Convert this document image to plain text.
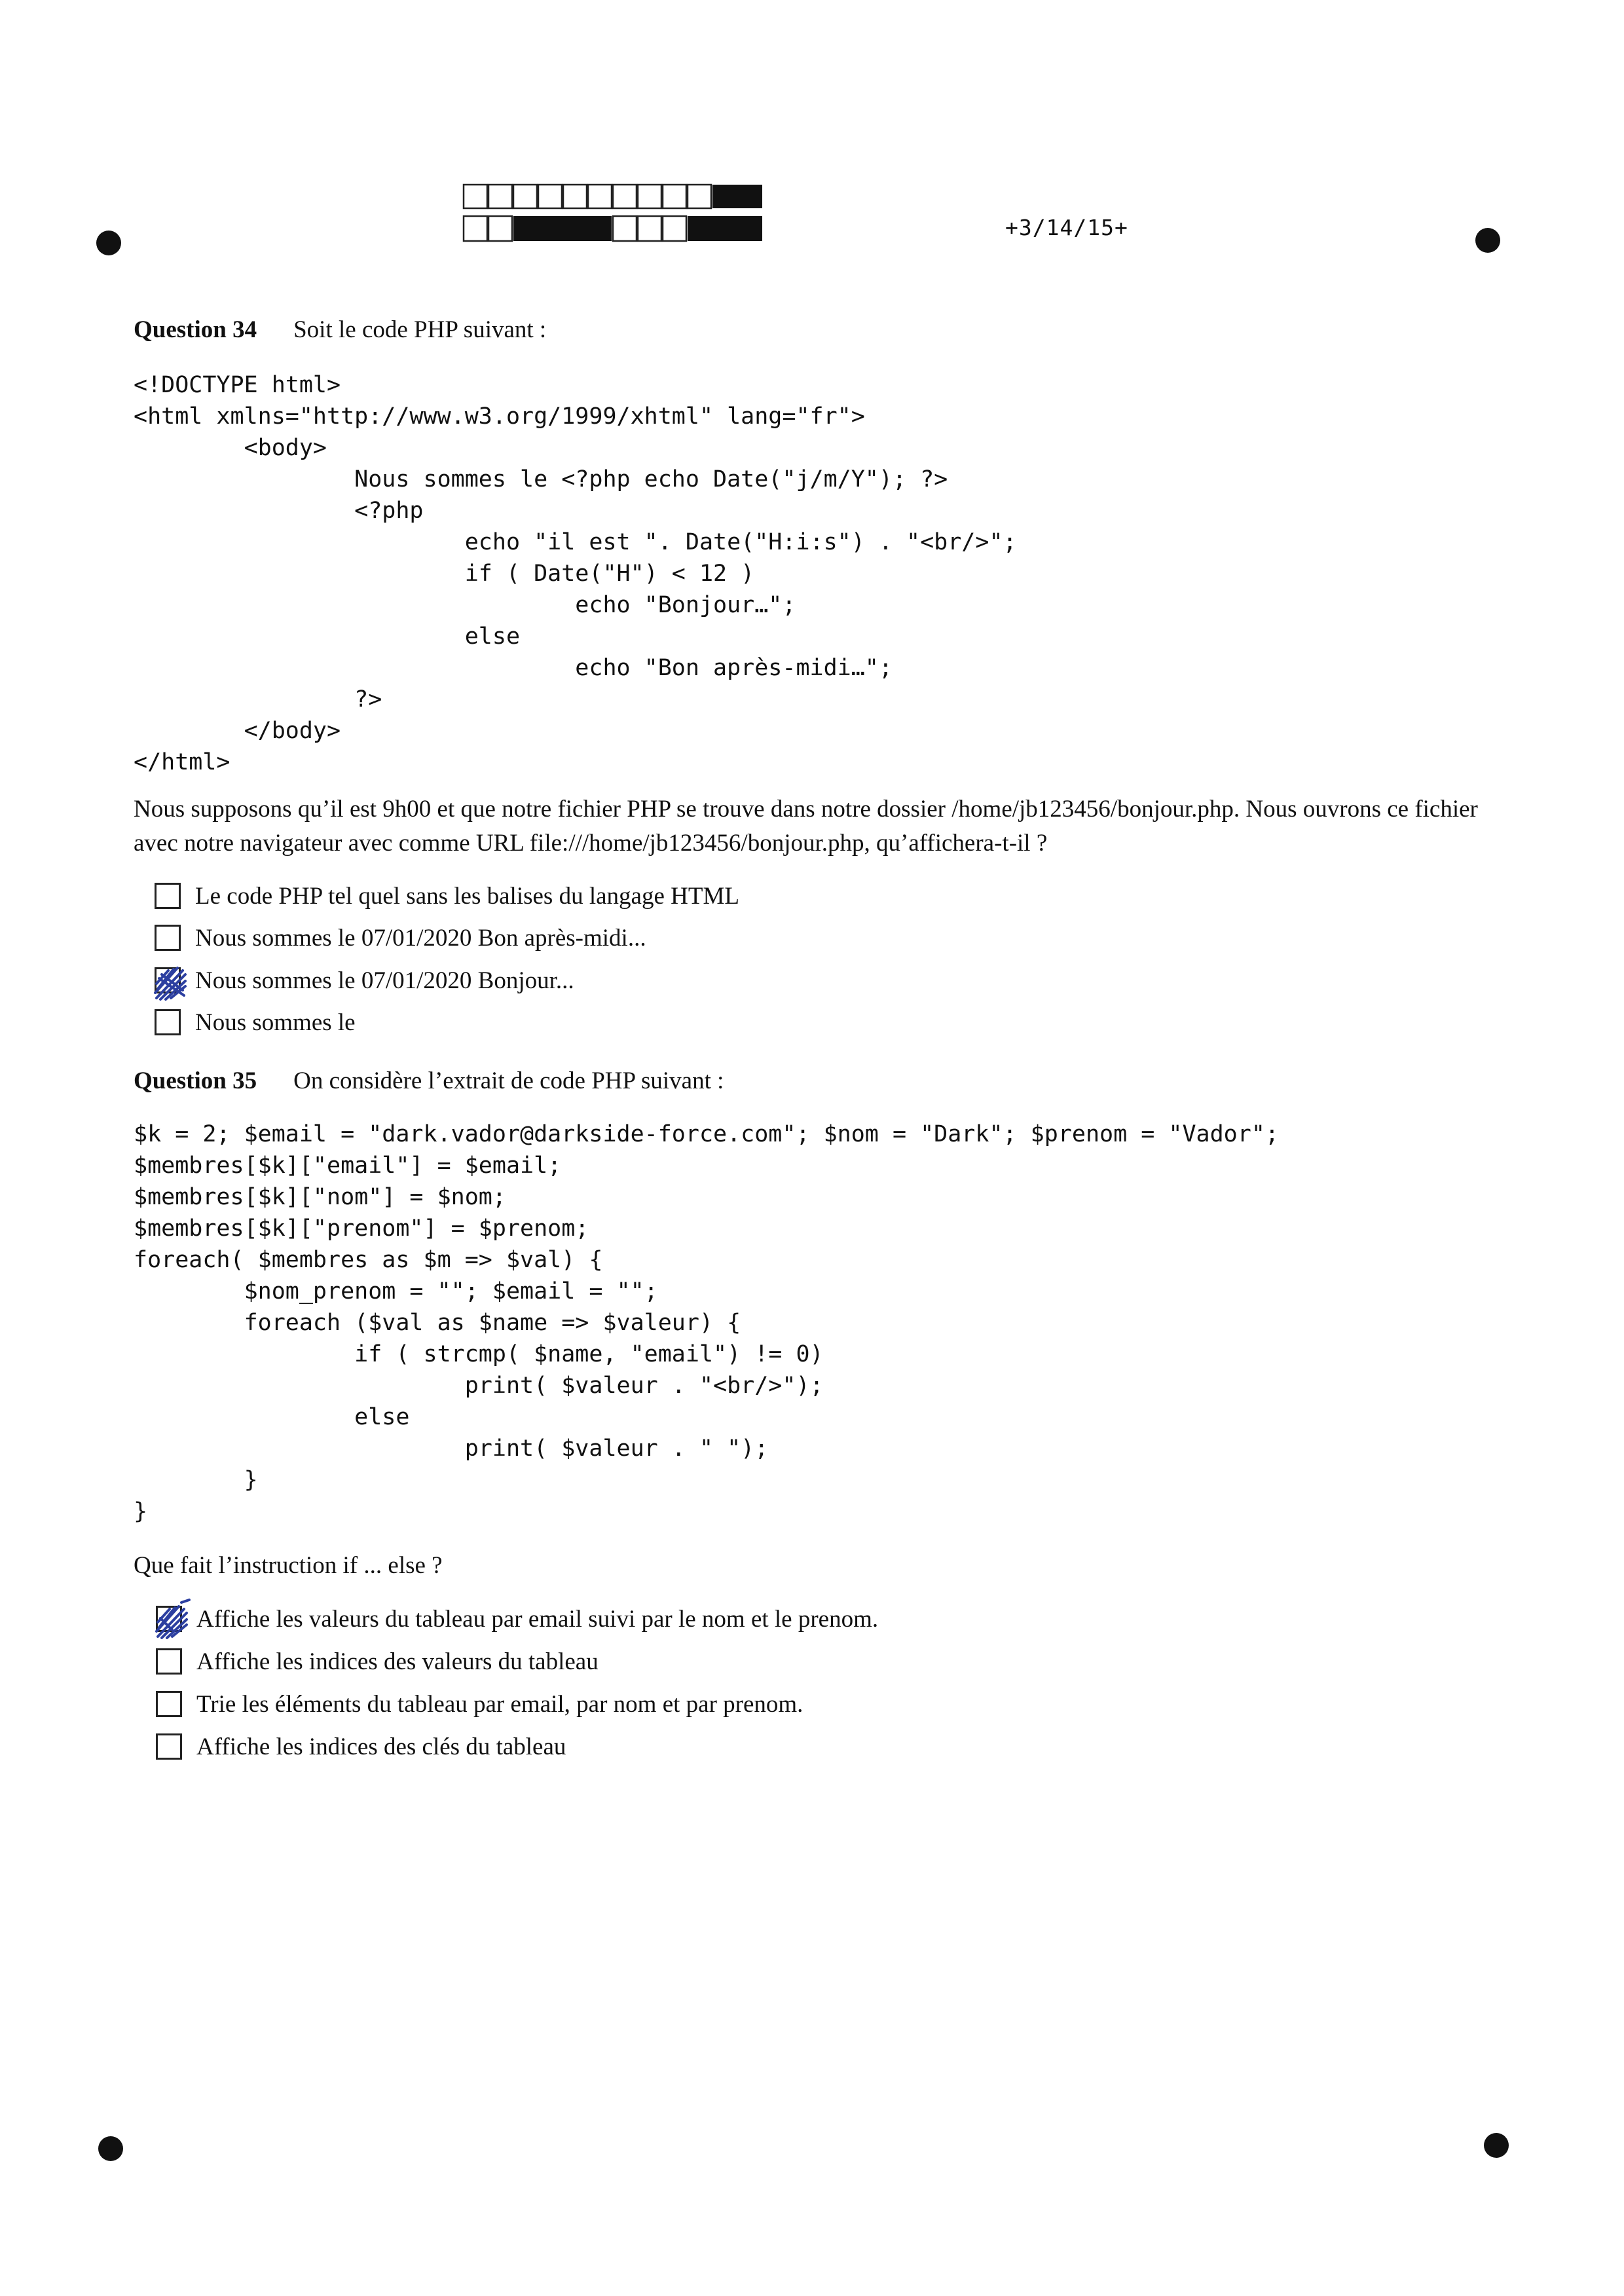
+3/14/15+
Question 34 Soit le code PHP suivant :
<!DOCTYPE html>
<html xmlns="http://www.w3.org/1999/xhtml" lang="fr">
<body>
Nous sommes le <?php echo Date("j/m/Y"); ?>
<?php
echo "il est ". Date("H:i:s") . "<br/>";
if ( Date("H") < 12 )
echo "Bonjour…";
else
echo "Bon après-midi…";
?>
</body>
</html>
Nous supposons qu’il est 9h00 et que notre fichier PHP se trouve dans notre dossier /home/jb123456/bonjour.php. Nous ouvrons ce fichier avec notre navigateur avec comme URL file:///home/jb123456/bonjour.php, qu’affichera-t-il ?
Le code PHP tel quel sans les balises du langage HTML
Nous sommes le 07/01/2020 Bon après-midi...
Nous sommes le 07/01/2020 Bonjour...
Nous sommes le
Question 35 On considère l’extrait de code PHP suivant :
$k = 2; $email = "dark.vador@darkside-force.com"; $nom = "Dark"; $prenom = "Vador";
$membres[$k]["email"] = $email;
$membres[$k]["nom"] = $nom;
$membres[$k]["prenom"] = $prenom;
foreach( $membres as $m => $val) {
$nom_prenom = ""; $email = "";
foreach ($val as $name => $valeur) {
if ( strcmp( $name, "email") != 0)
print( $valeur . "<br/>");
else
print( $valeur . " ");
}
}
Que fait l’instruction if ... else ?
Affiche les valeurs du tableau par email suivi par le nom et le prenom.
Affiche les indices des valeurs du tableau
Trie les éléments du tableau par email, par nom et par prenom.
Affiche les indices des clés du tableau
